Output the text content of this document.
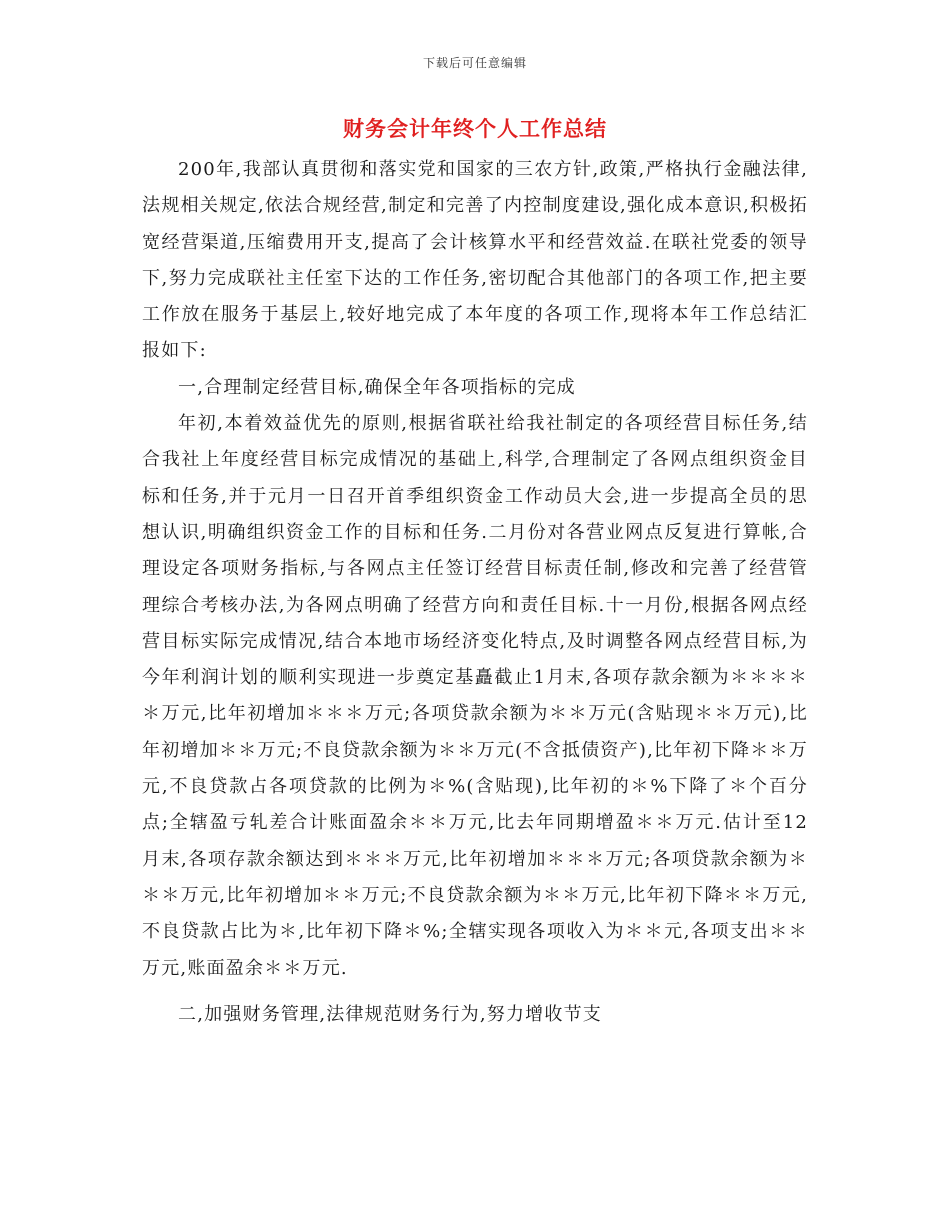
下载后可任意编辑
财务会计年终个人工作总结

200年,我部认真贯彻和落实党和国家的三农方针,政策,严格执行金融法律,法规相关规定,依法合规经营,制定和完善了内控制度建设,强化成本意识,积极拓宽经营渠道,压缩费用开支,提高了会计核算水平和经营效益.在联社党委的领导下,努力完成联社主任室下达的工作任务,密切配合其他部门的各项工作,把主要工作放在服务于基层上,较好地完成了本年度的各项工作,现将本年工作总结汇报如下:

一,合理制定经营目标,确保全年各项指标的完成

年初,本着效益优先的原则,根据省联社给我社制定的各项经营目标任务,结合我社上年度经营目标完成情况的基础上,科学,合理制定了各网点组织资金目标和任务,并于元月一日召开首季组织资金工作动员大会,进一步提高全员的思想认识,明确组织资金工作的目标和任务.二月份对各营业网点反复进行算帐,合理设定各项财务指标,与各网点主任签订经营目标责任制,修改和完善了经营管理综合考核办法,为各网点明确了经营方向和责任目标.十一月份,根据各网点经营目标实际完成情况,结合本地市场经济变化特点,及时调整各网点经营目标,为今年利润计划的顺利实现进一步奠定基矗截止1月末,各项存款余额为＊＊＊＊＊万元,比年初增加＊＊＊万元;各项贷款余额为＊＊万元(含贴现＊＊万元),比年初增加＊＊万元;不良贷款余额为＊＊万元(不含抵债资产),比年初下降＊＊万元,不良贷款占各项贷款的比例为＊%(含贴现),比年初的＊%下降了＊个百分点;全辖盈亏轧差合计账面盈余＊＊万元,比去年同期增盈＊＊万元.估计至12 月末,各项存款余额达到＊＊＊万元,比年初增加＊＊＊万元;各项贷款余额为＊＊＊万元,比年初增加＊＊万元;不良贷款余额为＊＊万元,比年初下降＊＊万元,不良贷款占比为＊,比年初下降＊%;全辖实现各项收入为＊＊元,各项支出＊＊万元,账面盈余＊＊万元.

二,加强财务管理,法律规范财务行为,努力增收节支
